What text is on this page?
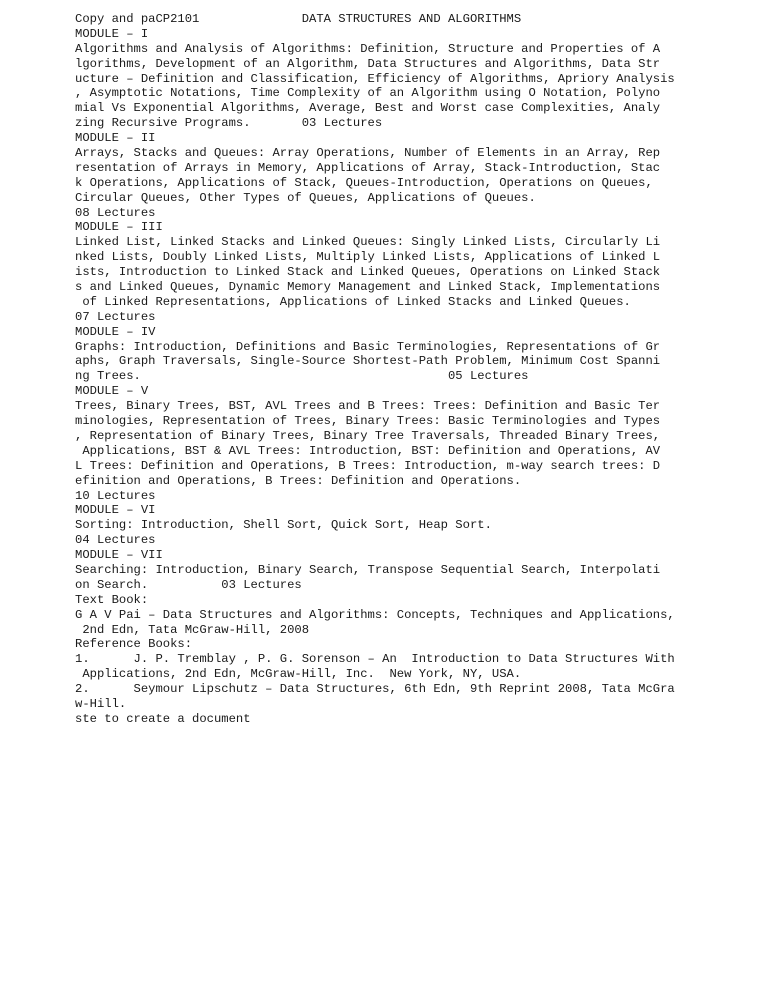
Copy and paCP2101              DATA STRUCTURES AND ALGORITHMS
MODULE – I
Algorithms and Analysis of Algorithms: Definition, Structure and Properties of A
lgorithms, Development of an Algorithm, Data Structures and Algorithms, Data Str
ucture – Definition and Classification, Efficiency of Algorithms, Apriory Analysis
, Asymptotic Notations, Time Complexity of an Algorithm using O Notation, Polyno
mial Vs Exponential Algorithms, Average, Best and Worst case Complexities, Analy
zing Recursive Programs.       03 Lectures
MODULE – II
Arrays, Stacks and Queues: Array Operations, Number of Elements in an Array, Rep
resentation of Arrays in Memory, Applications of Array, Stack-Introduction, Stac
k Operations, Applications of Stack, Queues-Introduction, Operations on Queues,
Circular Queues, Other Types of Queues, Applications of Queues.
08 Lectures
MODULE – III
Linked List, Linked Stacks and Linked Queues: Singly Linked Lists, Circularly Li
nked Lists, Doubly Linked Lists, Multiply Linked Lists, Applications of Linked L
ists, Introduction to Linked Stack and Linked Queues, Operations on Linked Stack
s and Linked Queues, Dynamic Memory Management and Linked Stack, Implementations
of Linked Representations, Applications of Linked Stacks and Linked Queues.
07 Lectures
MODULE – IV
Graphs: Introduction, Definitions and Basic Terminologies, Representations of Gr
aphs, Graph Traversals, Single-Source Shortest-Path Problem, Minimum Cost Spanni
ng Trees.                                          05 Lectures
MODULE – V
Trees, Binary Trees, BST, AVL Trees and B Trees: Trees: Definition and Basic Ter
minologies, Representation of Trees, Binary Trees: Basic Terminologies and Types
, Representation of Binary Trees, Binary Tree Traversals, Threaded Binary Trees,
Applications, BST & AVL Trees: Introduction, BST: Definition and Operations, AV
L Trees: Definition and Operations, B Trees: Introduction, m-way search trees: D
efinition and Operations, B Trees: Definition and Operations.
10 Lectures
MODULE – VI
Sorting: Introduction, Shell Sort, Quick Sort, Heap Sort.
04 Lectures
MODULE – VII
Searching: Introduction, Binary Search, Transpose Sequential Search, Interpolati
on Search.          03 Lectures
Text Book:
G A V Pai – Data Structures and Algorithms: Concepts, Techniques and Applications,
2nd Edn, Tata McGraw-Hill, 2008
Reference Books:
1.      J. P. Tremblay , P. G. Sorenson – An  Introduction to Data Structures With
Applications, 2nd Edn, McGraw-Hill, Inc.  New York, NY, USA.
2.      Seymour Lipschutz – Data Structures, 6th Edn, 9th Reprint 2008, Tata McGra
w-Hill.
ste to create a document
